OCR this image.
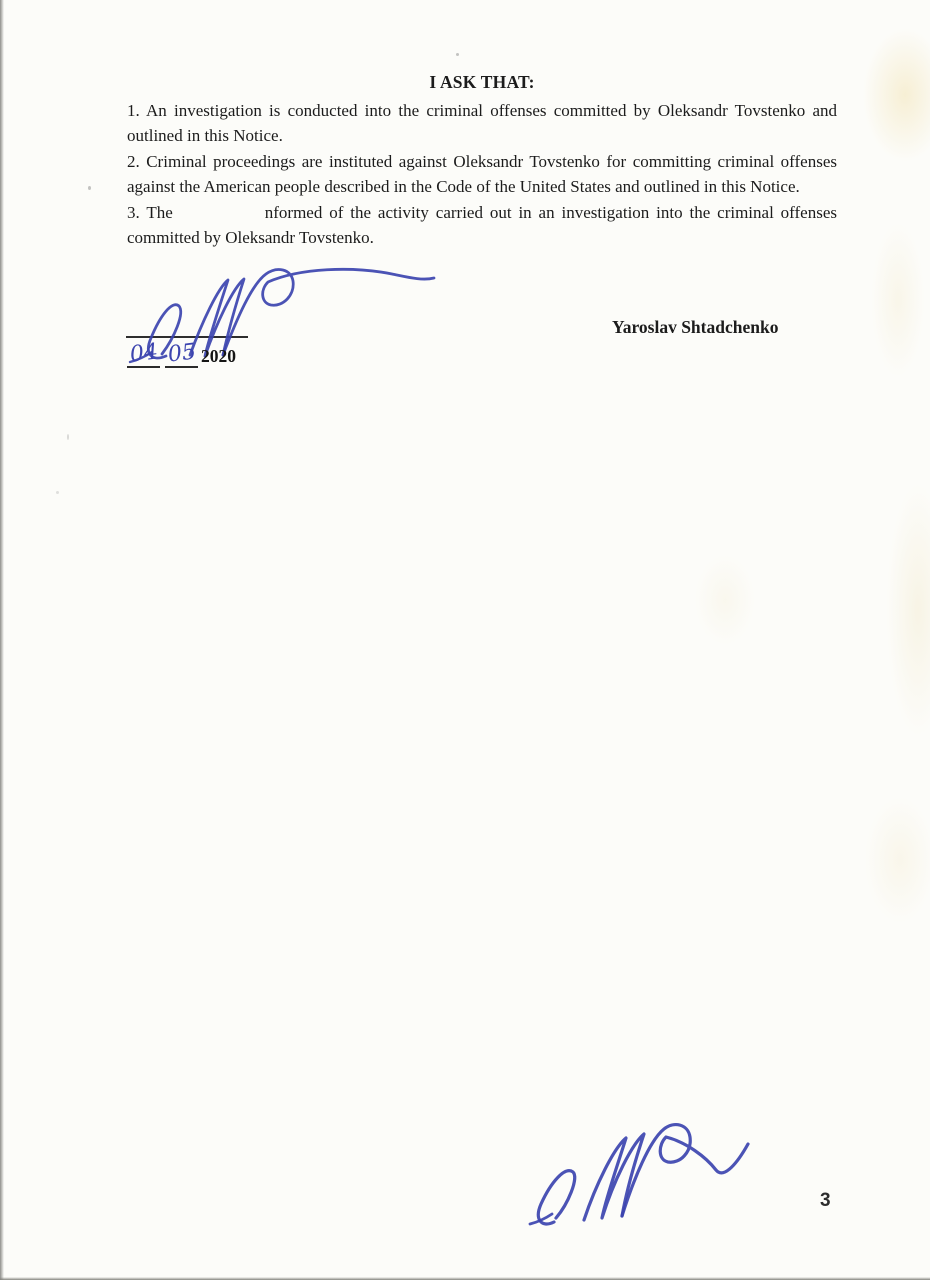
I ASK THAT:

1. An investigation is conducted into the criminal offenses committed by Oleksandr Tovstenko and outlined in this Notice.

2. Criminal proceedings are instituted against Oleksandr Tovstenko for committing criminal offenses against the American people described in the Code of the United States and outlined in this Notice.

3. The	nformed of the activity carried out in an investigation into the criminal offenses committed by Oleksandr Tovstenko.

04 05 2020
Yaroslav Shtadchenko
3
